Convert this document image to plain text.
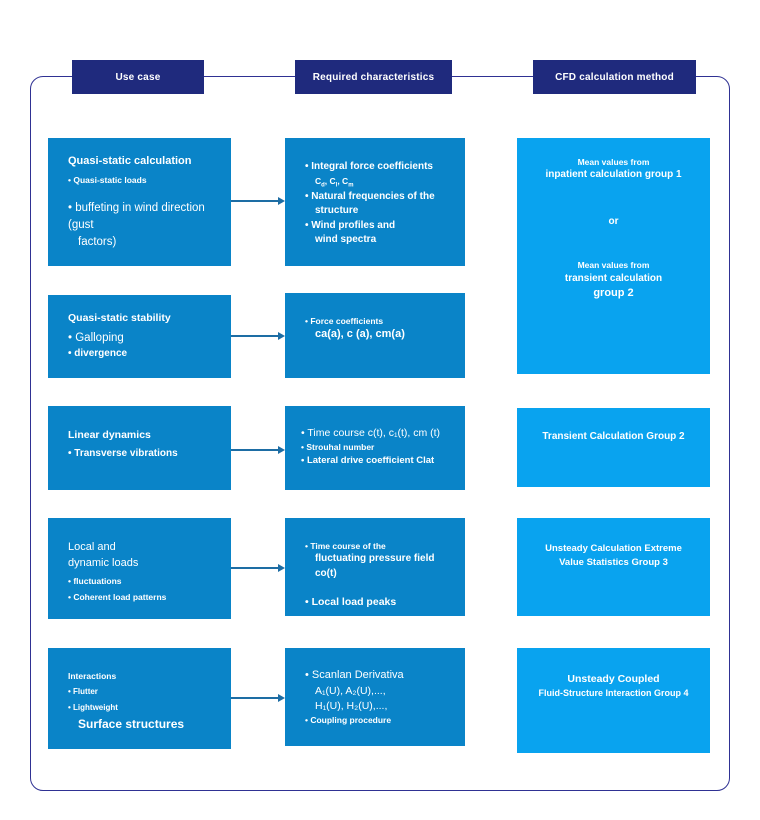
Use case	Required characteristics	CFD calculation method
Quasi-static calculation
• Quasi-static loads
• buffeting in wind direction (gust
factors)
• Integral force coefficients
$C_d$, $C_l$, $C_m$
• Natural frequencies of the
structure
• Wind profiles and
wind spectra
Mean values from
inpatient calculation group 1
or
Mean values from
transient calculation
group 2
Quasi-static stability
• Galloping
• divergence
• Force coefficients
ca(a), c (a), cm(a)
Linear dynamics
• Transverse vibrations
• Time course c(t), c₁(t), cm (t)
• Strouhal number
• Lateral drive coefficient Clat
Transient Calculation Group 2
Local and
dynamic loads
• fluctuations
• Coherent load patterns
• Time course of the
fluctuating pressure field co(t)
• Local load peaks
Unsteady Calculation Extreme
Value Statistics Group 3
Interactions
• Flutter
• Lightweight
Surface structures
• Scanlan Derivativa
A₁(U), A₂(U),...,
H₁(U), H₂(U),...,
• Coupling procedure
Unsteady Coupled
Fluid-Structure Interaction Group 4
